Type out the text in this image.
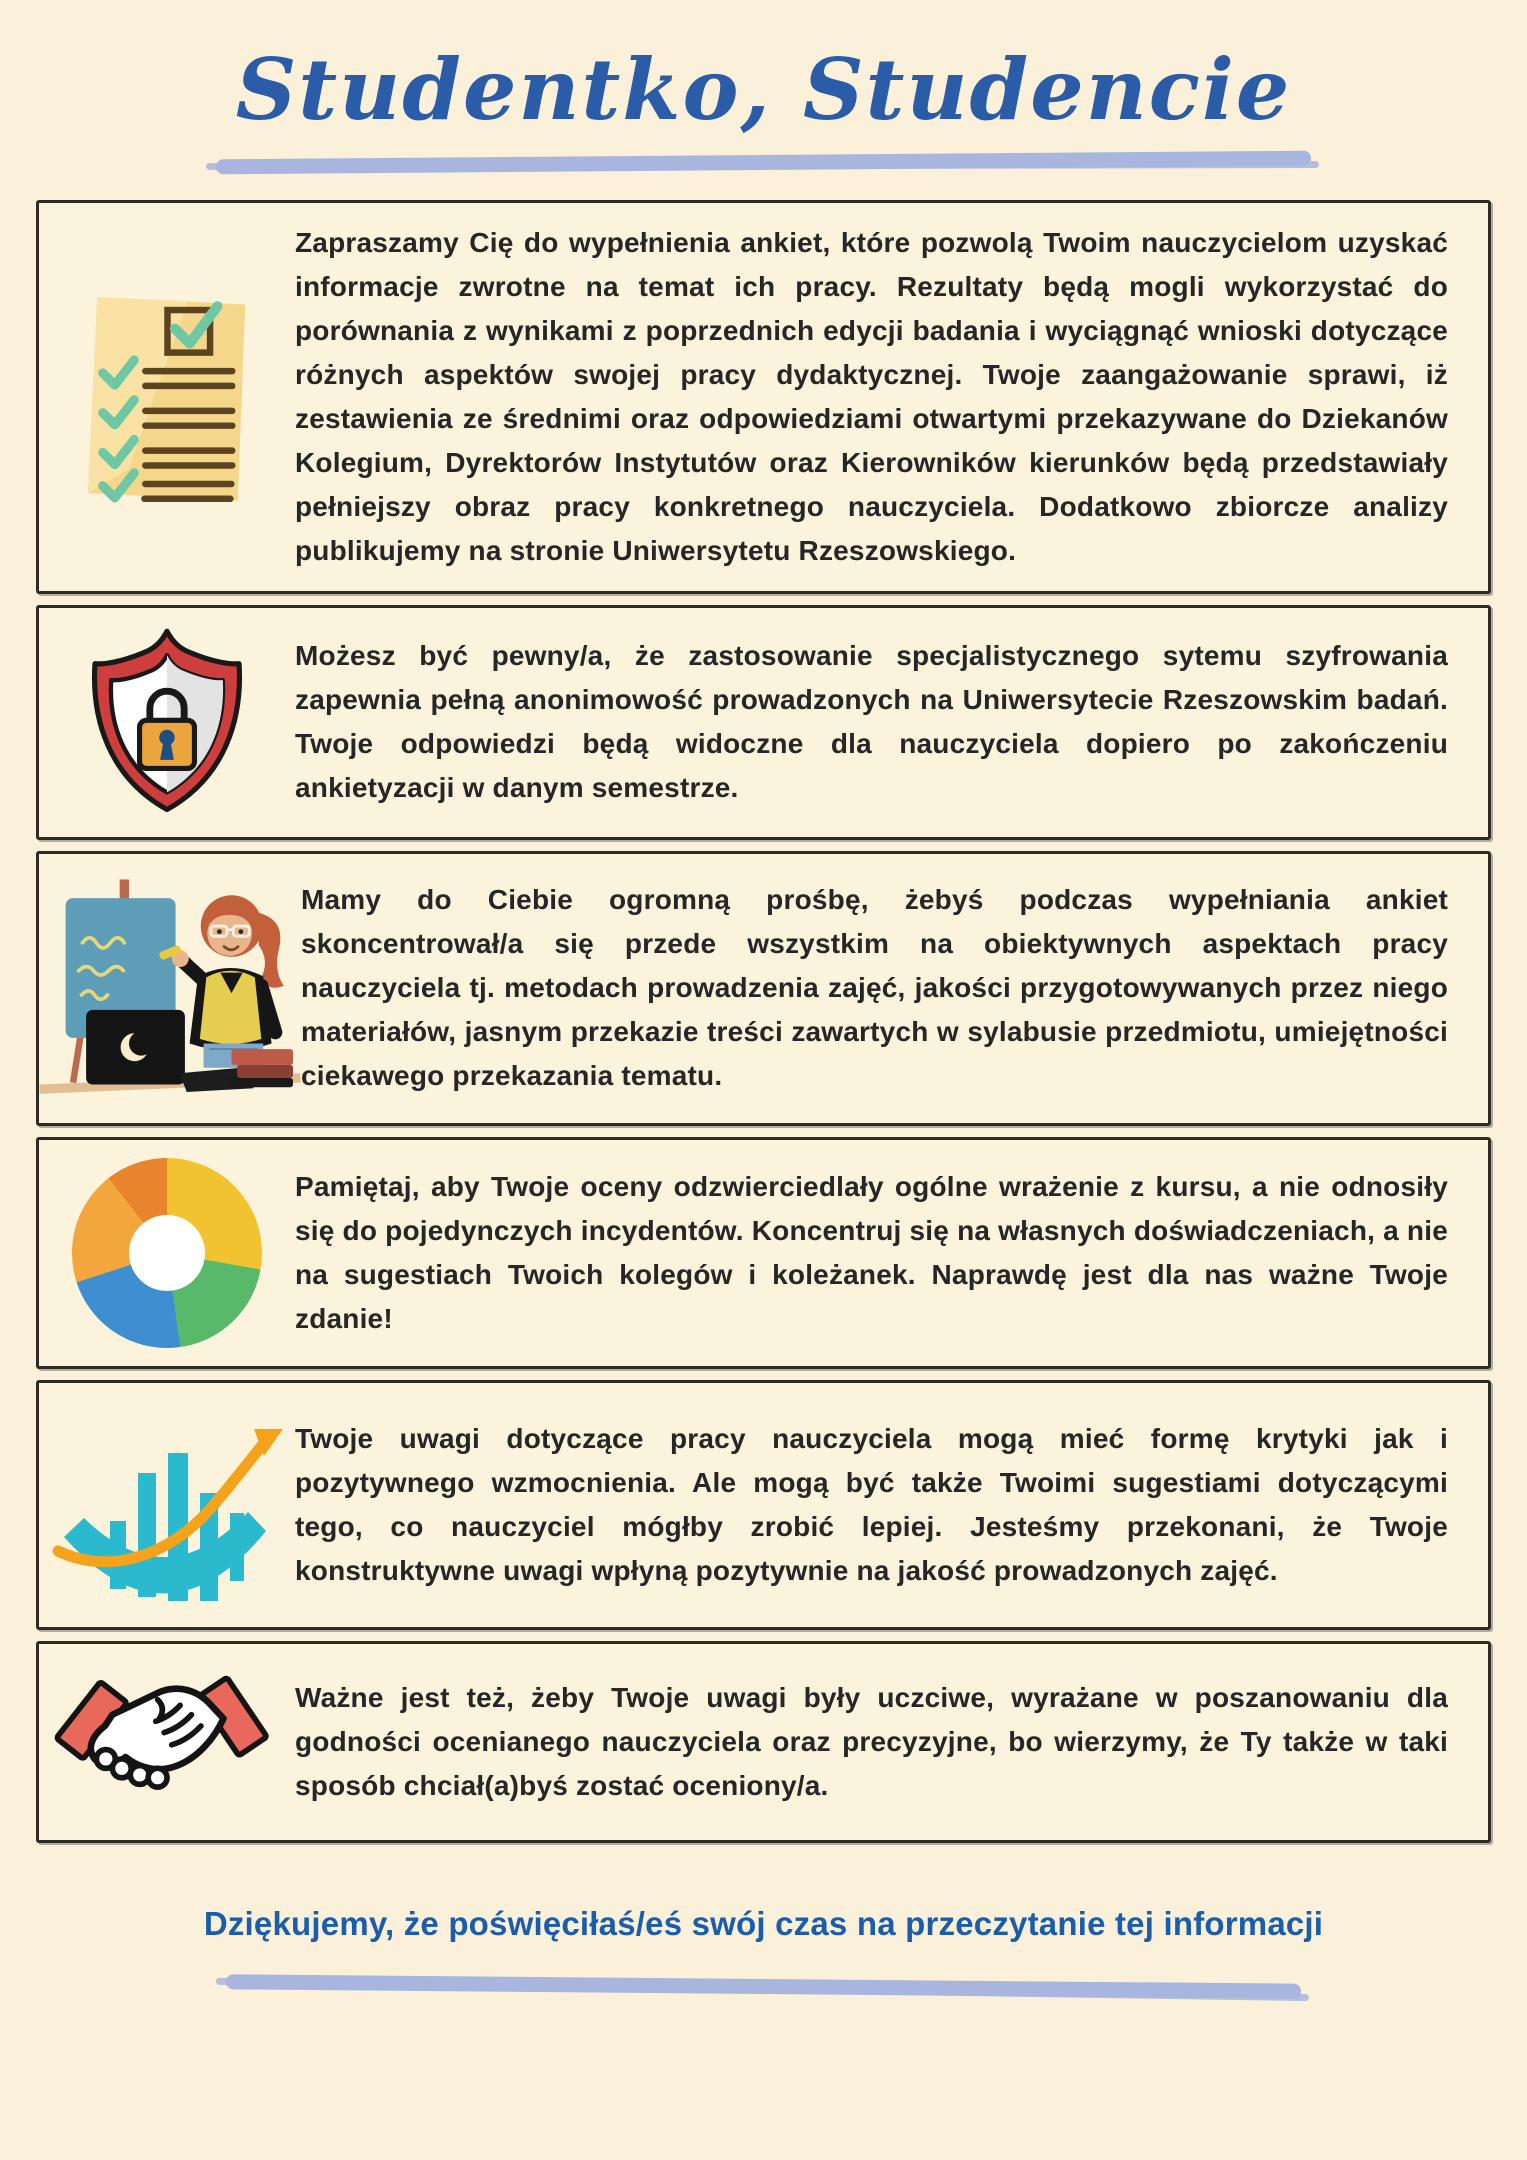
Studentko, Studencie

Zapraszamy Cię do wypełnienia ankiet, które pozwolą Twoim nauczycielom uzyskać informacje zwrotne na temat ich pracy. Rezultaty będą mogli wykorzystać do porównania z wynikami z poprzednich edycji badania i wyciągnąć wnioski dotyczące różnych aspektów swojej pracy dydaktycznej. Twoje zaangażowanie sprawi, iż zestawienia ze średnimi oraz odpowiedziami otwartymi przekazywane do Dziekanów Kolegium, Dyrektorów Instytutów oraz Kierowników kierunków będą przedstawiały pełniejszy obraz pracy konkretnego nauczyciela. Dodatkowo zbiorcze analizy publikujemy na stronie Uniwersytetu Rzeszowskiego.

Możesz być pewny/a, że zastosowanie specjalistycznego sytemu szyfrowania zapewnia pełną anonimowość prowadzonych na Uniwersytecie Rzeszowskim badań. Twoje odpowiedzi będą widoczne dla nauczyciela dopiero po zakończeniu ankietyzacji w danym semestrze.

Mamy do Ciebie ogromną prośbę, żebyś podczas wypełniania ankiet skoncentrował/a się przede wszystkim na obiektywnych aspektach pracy nauczyciela tj. metodach prowadzenia zajęć, jakości przygotowywanych przez niego materiałów, jasnym przekazie treści zawartych w sylabusie przedmiotu, umiejętności ciekawego przekazania tematu.

Pamiętaj, aby Twoje oceny odzwierciedlały ogólne wrażenie z kursu, a nie odnosiły się do pojedynczych incydentów. Koncentruj się na własnych doświadczeniach, a nie na sugestiach Twoich kolegów i koleżanek. Naprawdę jest dla nas ważne Twoje zdanie!

Twoje uwagi dotyczące pracy nauczyciela mogą mieć formę krytyki jak i pozytywnego wzmocnienia. Ale mogą być także Twoimi sugestiami dotyczącymi tego, co nauczyciel mógłby zrobić lepiej. Jesteśmy przekonani, że Twoje konstruktywne uwagi wpłyną pozytywnie na jakość prowadzonych zajęć.

Ważne jest też, żeby Twoje uwagi były uczciwe, wyrażane w poszanowaniu dla godności ocenianego nauczyciela oraz precyzyjne, bo wierzymy, że Ty także w taki sposób chciał(a)byś zostać oceniony/a.

Dziękujemy, że poświęciłaś/eś swój czas na przeczytanie tej informacji
